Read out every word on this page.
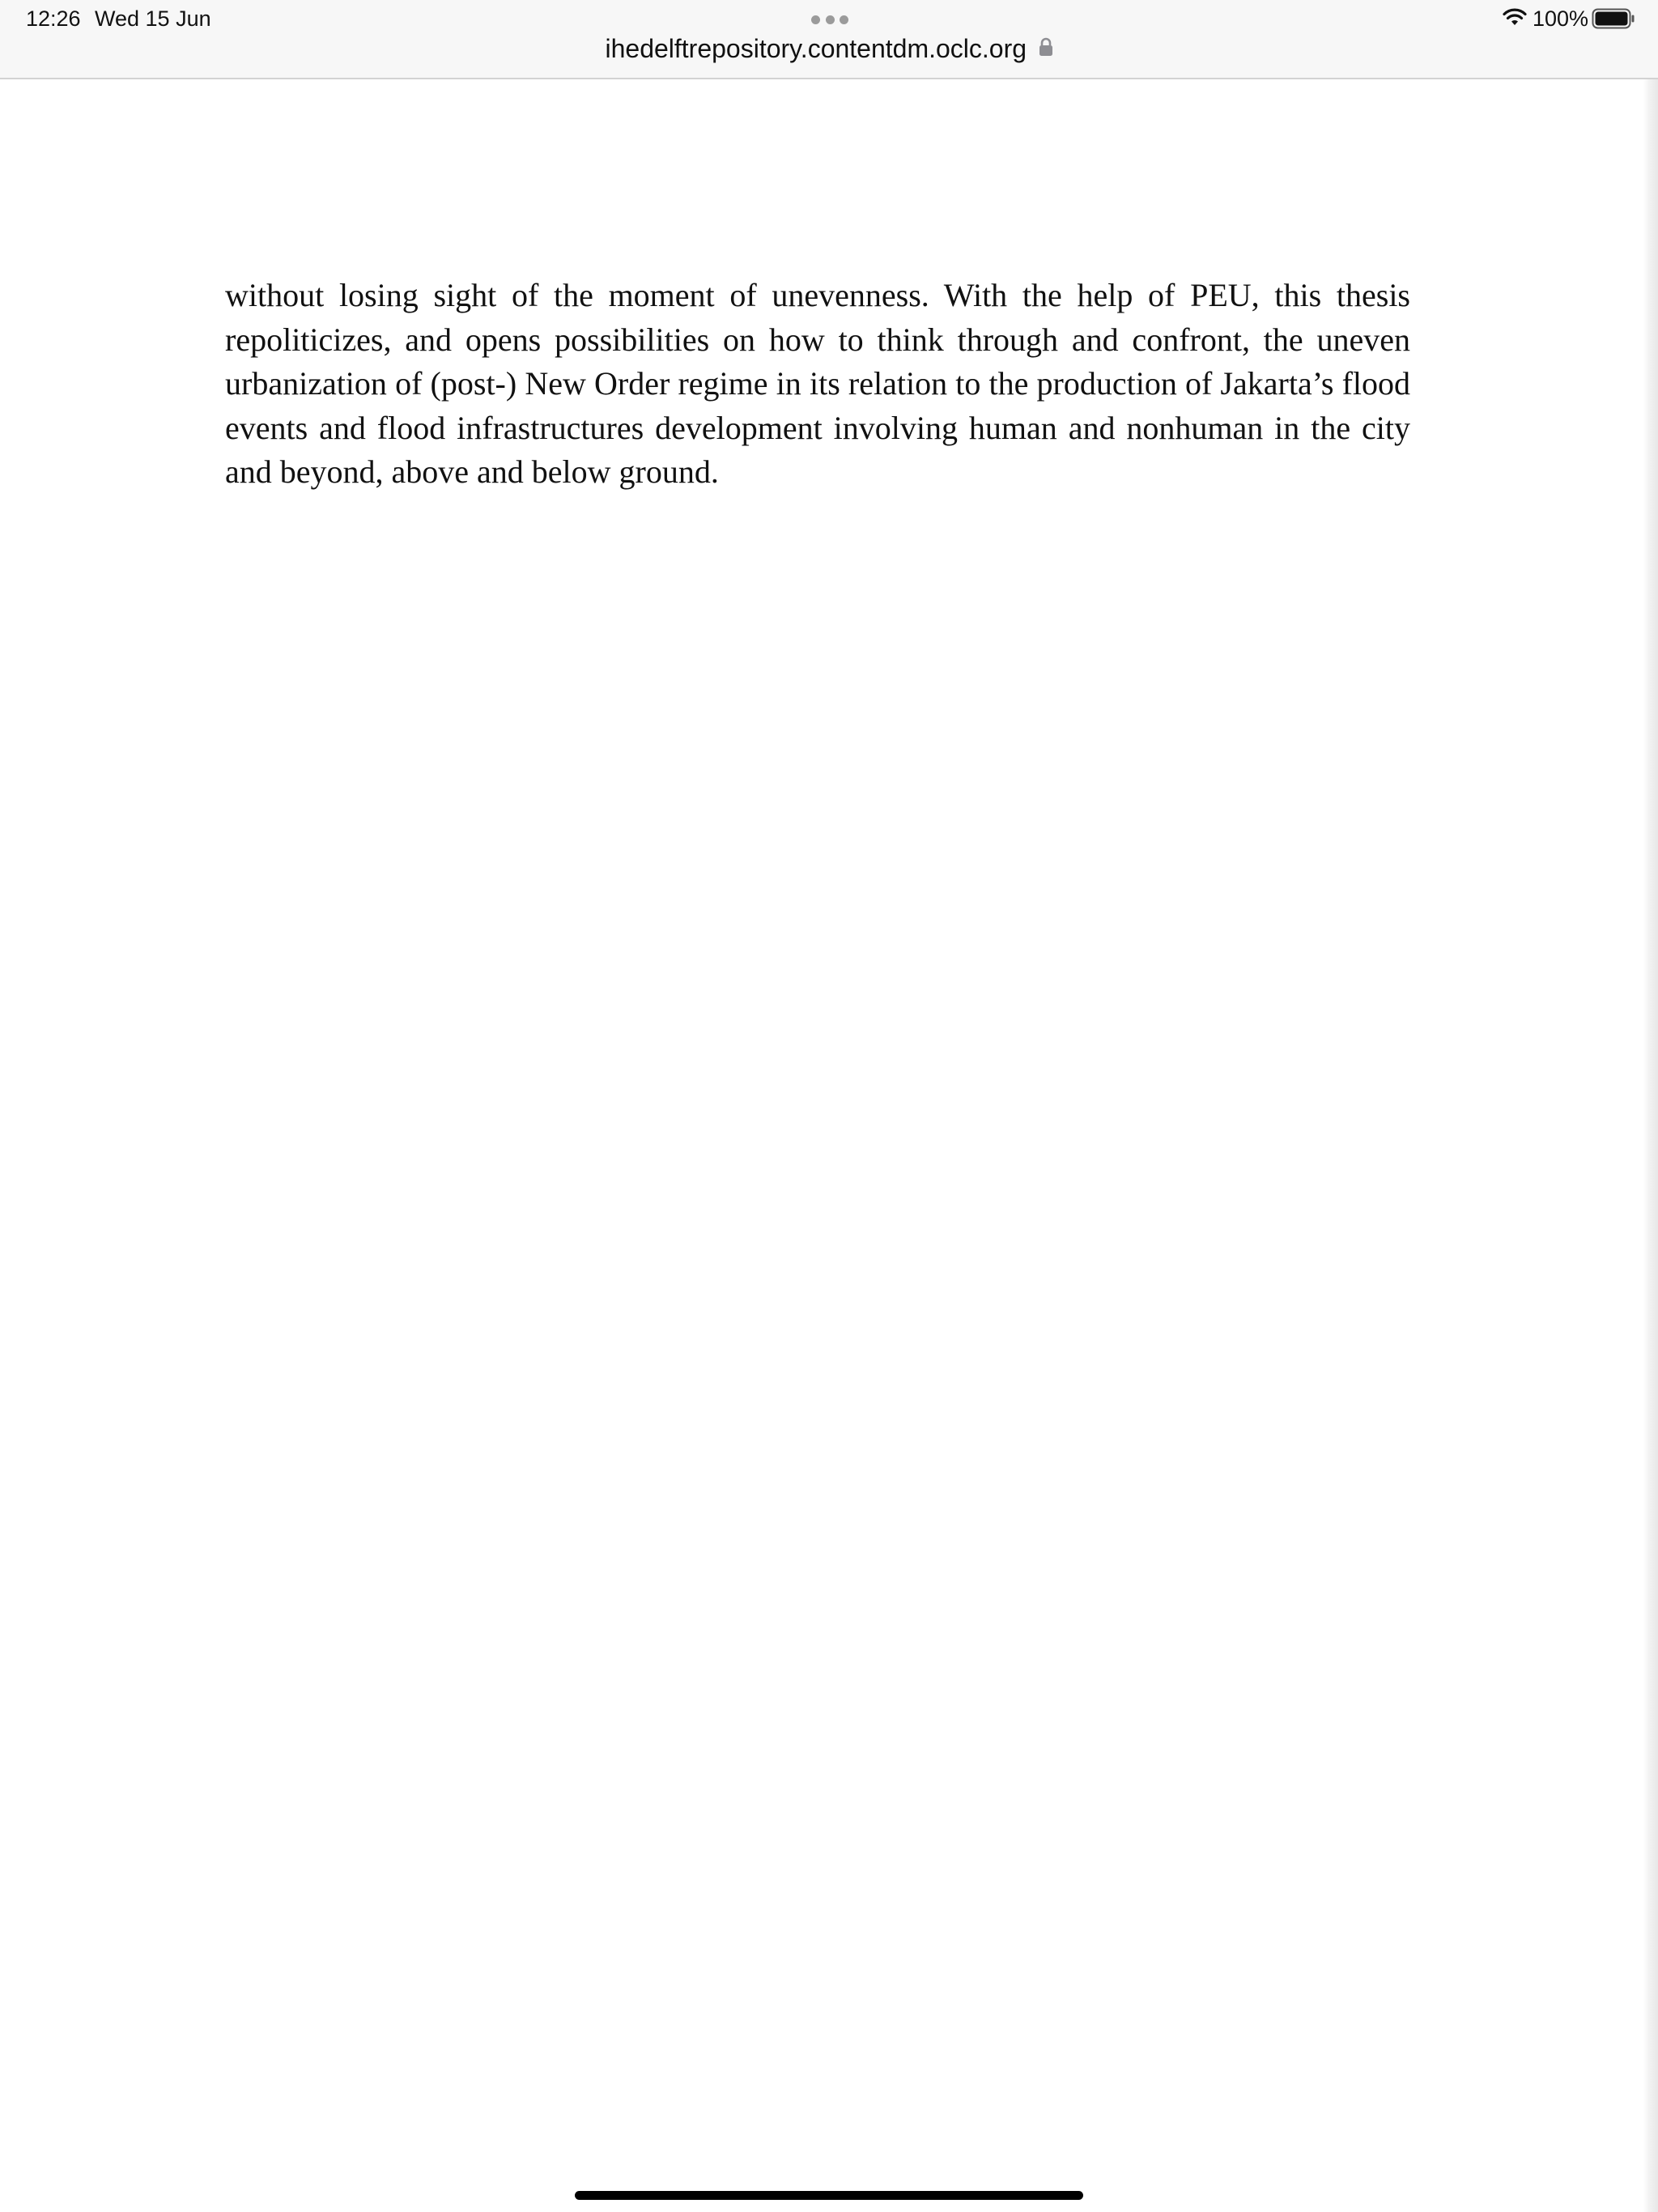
12:26 Wed 15 Jun
ihedelftrepository.contentdm.oclc.org
100%

without losing sight of the moment of unevenness. With the help of PEU, this thesis repoliticizes, and opens possibilities on how to think through and confront, the uneven urbanization of (post-) New Order regime in its relation to the production of Jakarta’s flood events and flood infrastructures development involving human and nonhuman in the city and beyond, above and below ground.
